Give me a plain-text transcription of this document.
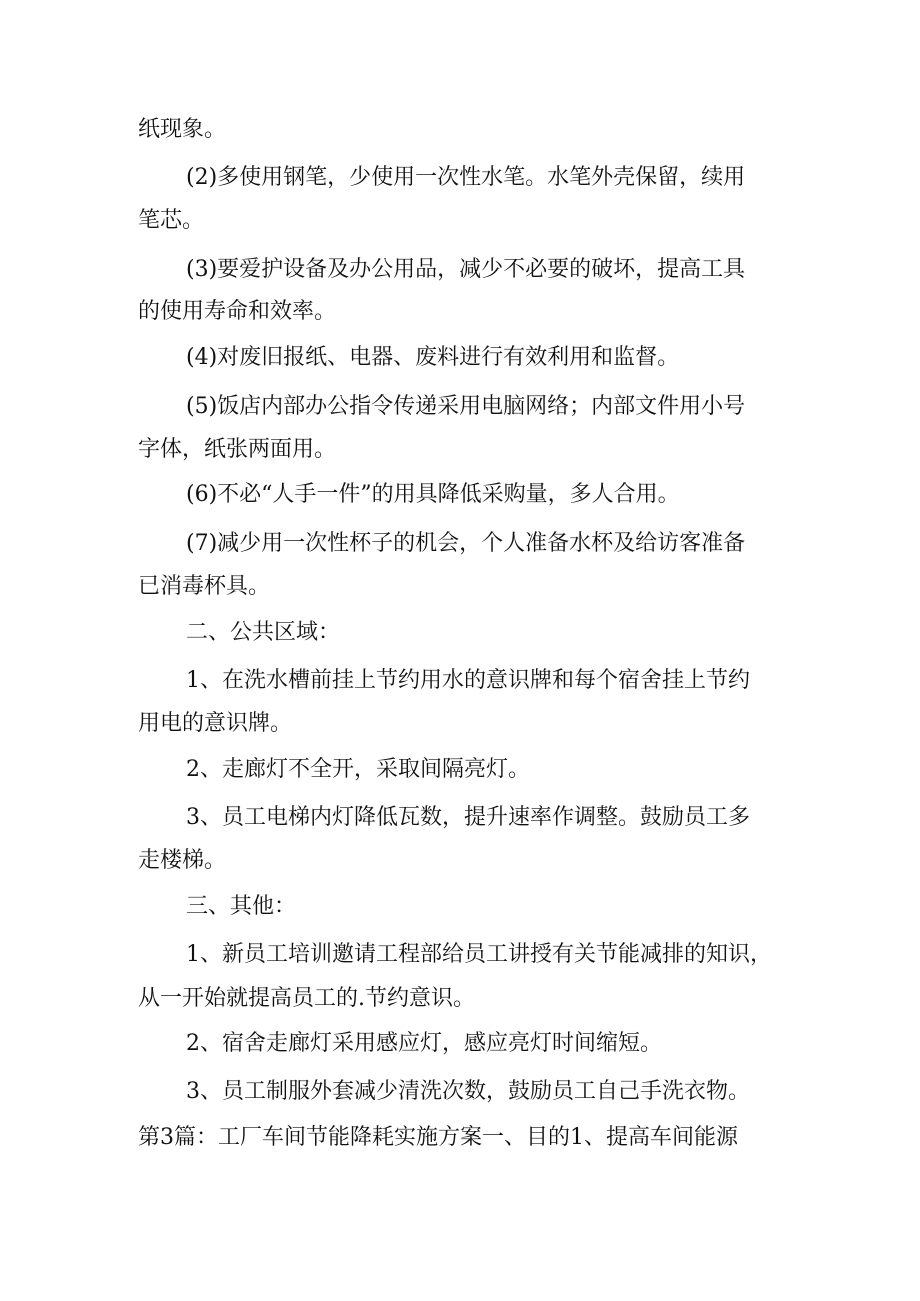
纸现象。

(2)多使用钢笔，少使用一次性水笔。水笔外壳保留，续用

笔芯。

(3)要爱护设备及办公用品，减少不必要的破坏，提高工具

的使用寿命和效率。

(4)对废旧报纸、电器、废料进行有效利用和监督。

(5)饭店内部办公指令传递采用电脑网络；内部文件用小号

字体，纸张两面用。

(6)不必“人手一件”的用具降低采购量，多人合用。

(7)减少用一次性杯子的机会，个人准备水杯及给访客准备

已消毒杯具。

二、公共区域：

1、在洗水槽前挂上节约用水的意识牌和每个宿舍挂上节约

用电的意识牌。

2、走廊灯不全开，采取间隔亮灯。

3、员工电梯内灯降低瓦数，提升速率作调整。鼓励员工多

走楼梯。

三、其他：

1、新员工培训邀请工程部给员工讲授有关节能减排的知识，

从一开始就提高员工的.节约意识。

2、宿舍走廊灯采用感应灯，感应亮灯时间缩短。

3、员工制服外套减少清洗次数，鼓励员工自己手洗衣物。

第3篇：工厂车间节能降耗实施方案一、目的1、提高车间能源
